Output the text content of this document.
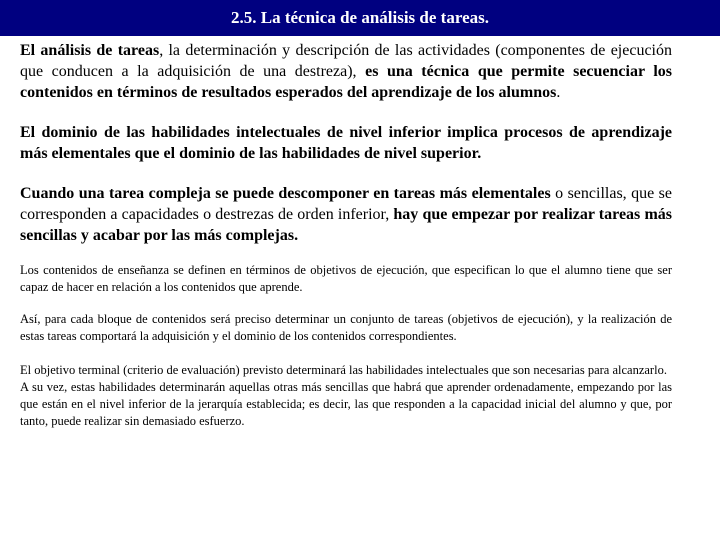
2.5. La técnica de análisis de tareas.

El análisis de tareas, la determinación y descripción de las actividades (componentes de ejecución que conducen a la adquisición de una destreza), es una técnica que permite secuenciar los contenidos en términos de resultados esperados del aprendizaje de los alumnos.

El dominio de las habilidades intelectuales de nivel inferior implica procesos de aprendizaje más elementales que el dominio de las habilidades de nivel superior.

Cuando una tarea compleja se puede descomponer en tareas más elementales o sencillas, que se corresponden a capacidades o destrezas de orden inferior, hay que empezar por realizar tareas más sencillas y acabar por las más complejas.

Los contenidos de enseñanza se definen en términos de objetivos de ejecución, que especifican lo que el alumno tiene que ser capaz de hacer en relación a los contenidos que aprende.

Así, para cada bloque de contenidos será preciso determinar un conjunto de tareas (objetivos de ejecución), y la realización de estas tareas comportará la adquisición y el dominio de los contenidos correspondientes.

El objetivo terminal (criterio de evaluación) previsto determinará las habilidades intelectuales que son necesarias para alcanzarlo.

A su vez, estas habilidades determinarán aquellas otras más sencillas que habrá que aprender ordenadamente, empezando por las que están en el nivel inferior de la jerarquía establecida; es decir, las que responden a la capacidad inicial del alumno y que, por tanto, puede realizar sin demasiado esfuerzo.
